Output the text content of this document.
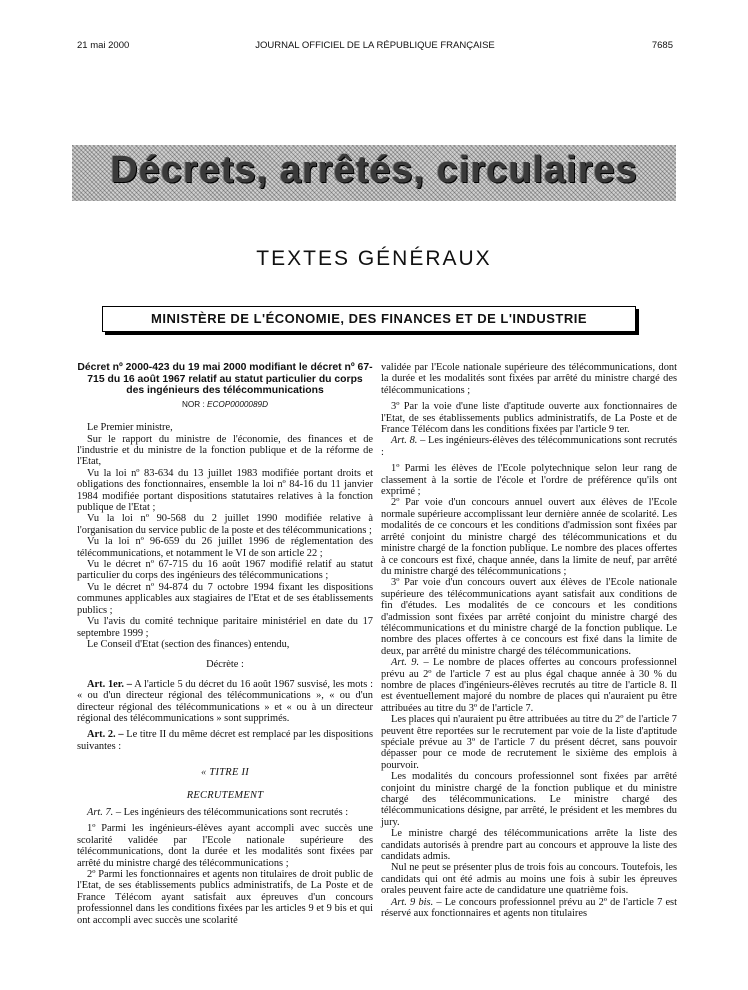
21 mai 2000	JOURNAL OFFICIEL DE LA RÉPUBLIQUE FRANÇAISE	7685
Décrets, arrêtés, circulaires
TEXTES GÉNÉRAUX
MINISTÈRE DE L'ÉCONOMIE, DES FINANCES ET DE L'INDUSTRIE
Décret nº 2000-423 du 19 mai 2000 modifiant le décret nº 67-715 du 16 août 1967 relatif au statut particulier du corps des ingénieurs des télécommunications
NOR : ECOP0000089D

Le Premier ministre,

Sur le rapport du ministre de l'économie, des finances et de l'industrie et du ministre de la fonction publique et de la réforme de l'Etat,

Vu la loi nº 83-634 du 13 juillet 1983 modifiée portant droits et obligations des fonctionnaires, ensemble la loi nº 84-16 du 11 janvier 1984 modifiée portant dispositions statutaires relatives à la fonction publique de l'Etat ;

Vu la loi nº 90-568 du 2 juillet 1990 modifiée relative à l'organisation du service public de la poste et des télécommunications ;

Vu la loi nº 96-659 du 26 juillet 1996 de réglementation des télécommunications, et notamment le VI de son article 22 ;

Vu le décret nº 67-715 du 16 août 1967 modifié relatif au statut particulier du corps des ingénieurs des télécommunications ;

Vu le décret nº 94-874 du 7 octobre 1994 fixant les dispositions communes applicables aux stagiaires de l'Etat et de ses établissements publics ;

Vu l'avis du comité technique paritaire ministériel en date du 17 septembre 1999 ;

Le Conseil d'Etat (section des finances) entendu,

Décrète :

Art. 1er. – A l'article 5 du décret du 16 août 1967 susvisé, les mots : « ou d'un directeur régional des télécommunications », « ou d'un directeur régional des télécommunications » et « ou à un directeur régional des télécommunications » sont supprimés.

Art. 2. – Le titre II du même décret est remplacé par les dispositions suivantes :

« TITRE II
RECRUTEMENT

Art. 7. – Les ingénieurs des télécommunications sont recrutés :

1º Parmi les ingénieurs-élèves ayant accompli avec succès une scolarité validée par l'Ecole nationale supérieure des télécommunications, dont la durée et les modalités sont fixées par arrêté du ministre chargé des télécommunications ;

2º Parmi les fonctionnaires et agents non titulaires de droit public de l'Etat, de ses établissements publics administratifs, de La Poste et de France Télécom ayant satisfait aux épreuves d'un concours professionnel dans les conditions fixées par les articles 9 et 9 bis et qui ont accompli avec succès une scolarité

validée par l'Ecole nationale supérieure des télécommunications, dont la durée et les modalités sont fixées par arrêté du ministre chargé des télécommunications ;

3º Par la voie d'une liste d'aptitude ouverte aux fonctionnaires de l'Etat, de ses établissements publics administratifs, de La Poste et de France Télécom dans les conditions fixées par l'article 9 ter.

Art. 8. – Les ingénieurs-élèves des télécommunications sont recrutés :

1º Parmi les élèves de l'Ecole polytechnique selon leur rang de classement à la sortie de l'école et l'ordre de préférence qu'ils ont exprimé ;

2º Par voie d'un concours annuel ouvert aux élèves de l'Ecole normale supérieure accomplissant leur dernière année de scolarité. Les modalités de ce concours et les conditions d'admission sont fixées par arrêté conjoint du ministre chargé des télécommunications et du ministre chargé de la fonction publique. Le nombre des places offertes à ce concours est fixé, chaque année, dans la limite de neuf, par arrêté du ministre chargé des télécommunications ;

3º Par voie d'un concours ouvert aux élèves de l'Ecole nationale supérieure des télécommunications ayant satisfait aux conditions de fin d'études. Les modalités de ce concours et les conditions d'admission sont fixées par arrêté conjoint du ministre chargé des télécommunications et du ministre chargé de la fonction publique. Le nombre des places offertes à ce concours est fixé dans la limite de deux, par arrêté du ministre chargé des télécommunications.

Art. 9. – Le nombre de places offertes au concours professionnel prévu au 2º de l'article 7 est au plus égal chaque année à 30 % du nombre de places d'ingénieurs-élèves recrutés au titre de l'article 8. Il est éventuellement majoré du nombre de places qui n'auraient pu être attribuées au titre du 3º de l'article 7.

Les places qui n'auraient pu être attribuées au titre du 2º de l'article 7 peuvent être reportées sur le recrutement par voie de la liste d'aptitude spéciale prévue au 3º de l'article 7 du présent décret, sans pouvoir dépasser pour ce mode de recrutement le sixième des emplois à pourvoir.

Les modalités du concours professionnel sont fixées par arrêté conjoint du ministre chargé de la fonction publique et du ministre chargé des télécommunications. Le ministre chargé des télécommunications désigne, par arrêté, le président et les membres du jury.

Le ministre chargé des télécommunications arrête la liste des candidats autorisés à prendre part au concours et approuve la liste des candidats admis.

Nul ne peut se présenter plus de trois fois au concours. Toutefois, les candidats qui ont été admis au moins une fois à subir les épreuves orales peuvent faire acte de candidature une quatrième fois.

Art. 9 bis. – Le concours professionnel prévu au 2º de l'article 7 est réservé aux fonctionnaires et agents non titulaires
